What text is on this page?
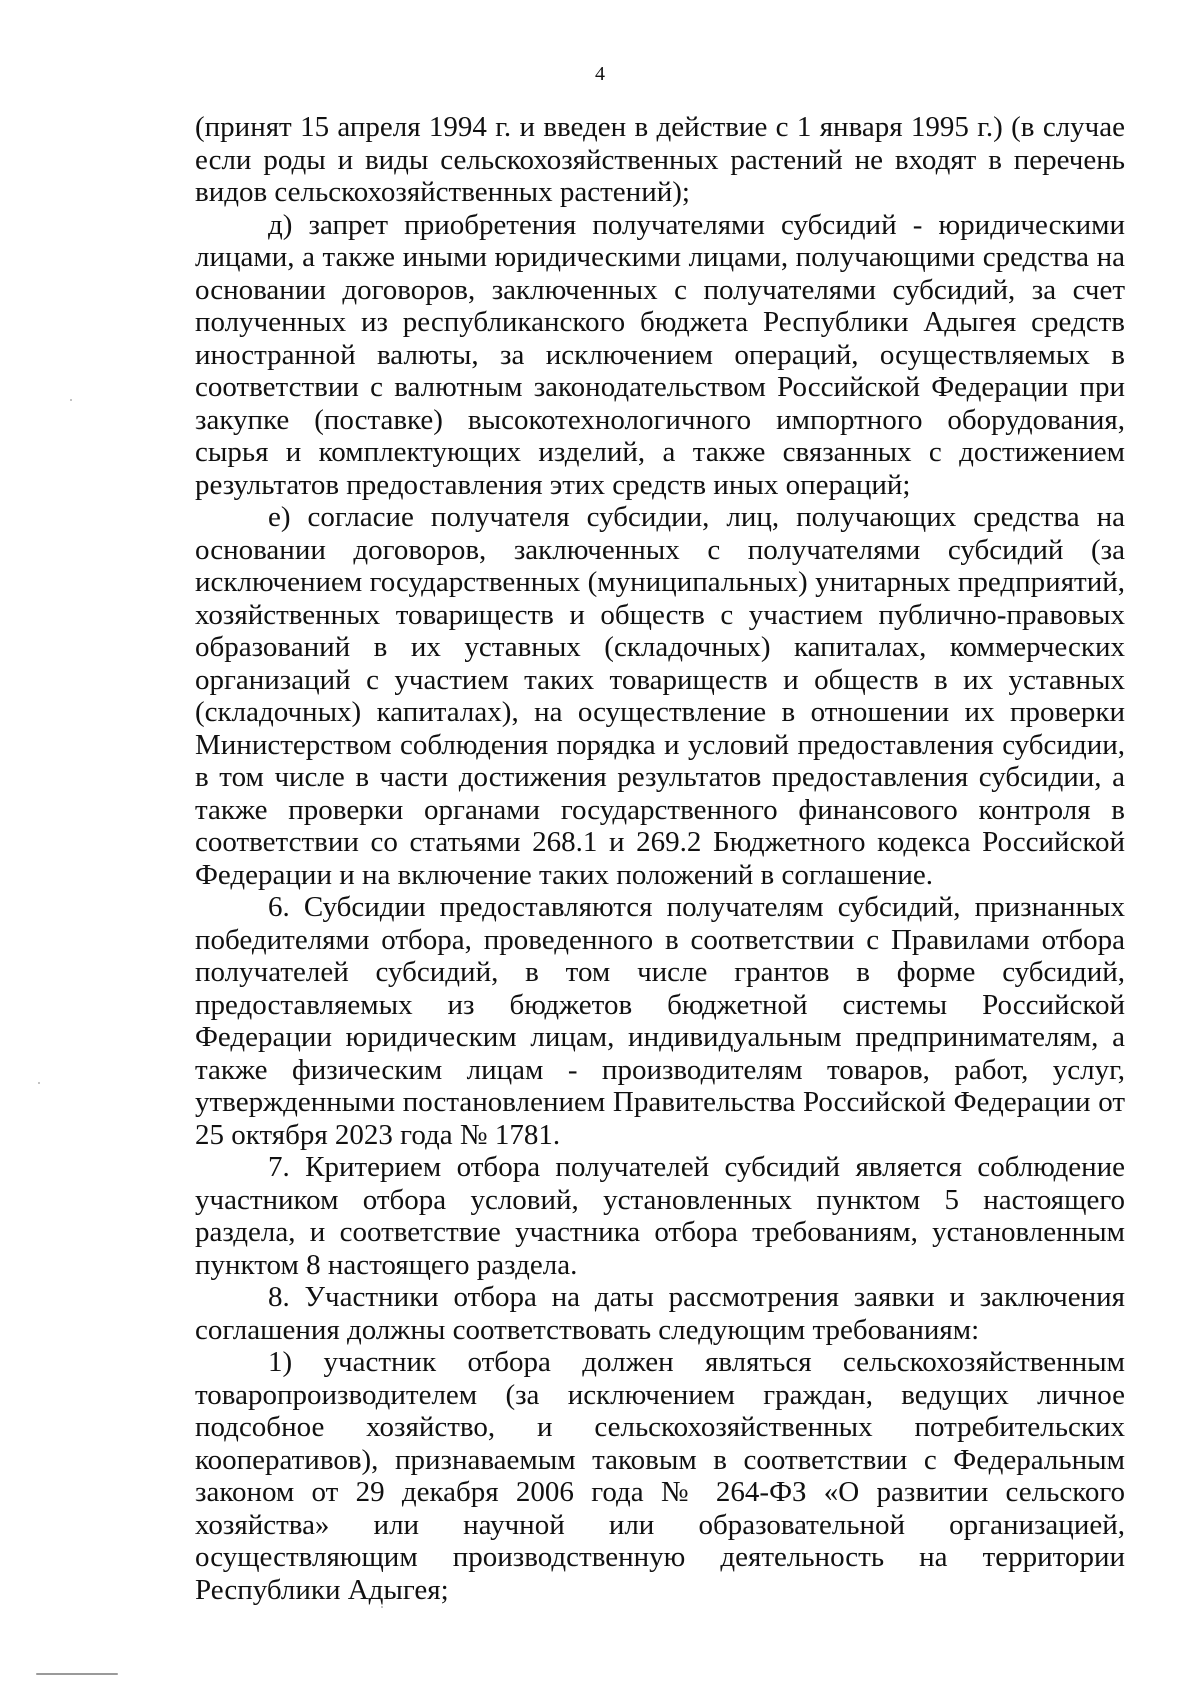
4

(принят 15 апреля 1994 г. и введен в действие с 1 января 1995 г.) (в случае если роды и виды сельскохозяйственных растений не входят в перечень видов сельскохозяйственных растений);

д) запрет приобретения получателями субсидий - юридическими лицами, а также иными юридическими лицами, получающими средства на основании договоров, заключенных с получателями субсидий, за счет полученных из республиканского бюджета Республики Адыгея средств иностранной валюты, за исключением операций, осуществляемых в соответствии с валютным законодательством Российской Федерации при закупке (поставке) высокотехнологичного импортного оборудования, сырья и комплектующих изделий, а также связанных с достижением результатов предоставления этих средств иных операций;

е) согласие получателя субсидии, лиц, получающих средства на основании договоров, заключенных с получателями субсидий (за исключением государственных (муниципальных) унитарных предприятий, хозяйственных товариществ и обществ с участием публично-правовых образований в их уставных (складочных) капиталах, коммерческих организаций с участием таких товариществ и обществ в их уставных (складочных) капиталах), на осуществление в отношении их проверки Министерством соблюдения порядка и условий предоставления субсидии, в том числе в части достижения результатов предоставления субсидии, а также проверки органами государственного финансового контроля в соответствии со статьями 268.1 и 269.2 Бюджетного кодекса Российской Федерации и на включение таких положений в соглашение.

6. Субсидии предоставляются получателям субсидий, признанных победителями отбора, проведенного в соответствии с Правилами отбора получателей субсидий, в том числе грантов в форме субсидий, предоставляемых из бюджетов бюджетной системы Российской Федерации юридическим лицам, индивидуальным предпринимателям, а также физическим лицам - производителям товаров, работ, услуг, утвержденными постановлением Правительства Российской Федерации от 25 октября 2023 года № 1781.

7. Критерием отбора получателей субсидий является соблюдение участником отбора условий, установленных пунктом 5 настоящего раздела, и соответствие участника отбора требованиям, установленным пунктом 8 настоящего раздела.

8. Участники отбора на даты рассмотрения заявки и заключения соглашения должны соответствовать следующим требованиям:

1) участник отбора должен являться сельскохозяйственным товаропроизводителем (за исключением граждан, ведущих личное подсобное хозяйство, и сельскохозяйственных потребительских кооперативов), признаваемым таковым в соответствии с Федеральным законом от 29 декабря 2006 года № 264-ФЗ «О развитии сельского хозяйства» или научной или образовательной организацией, осуществляющим производственную деятельность на территории Республики Адыгея;
